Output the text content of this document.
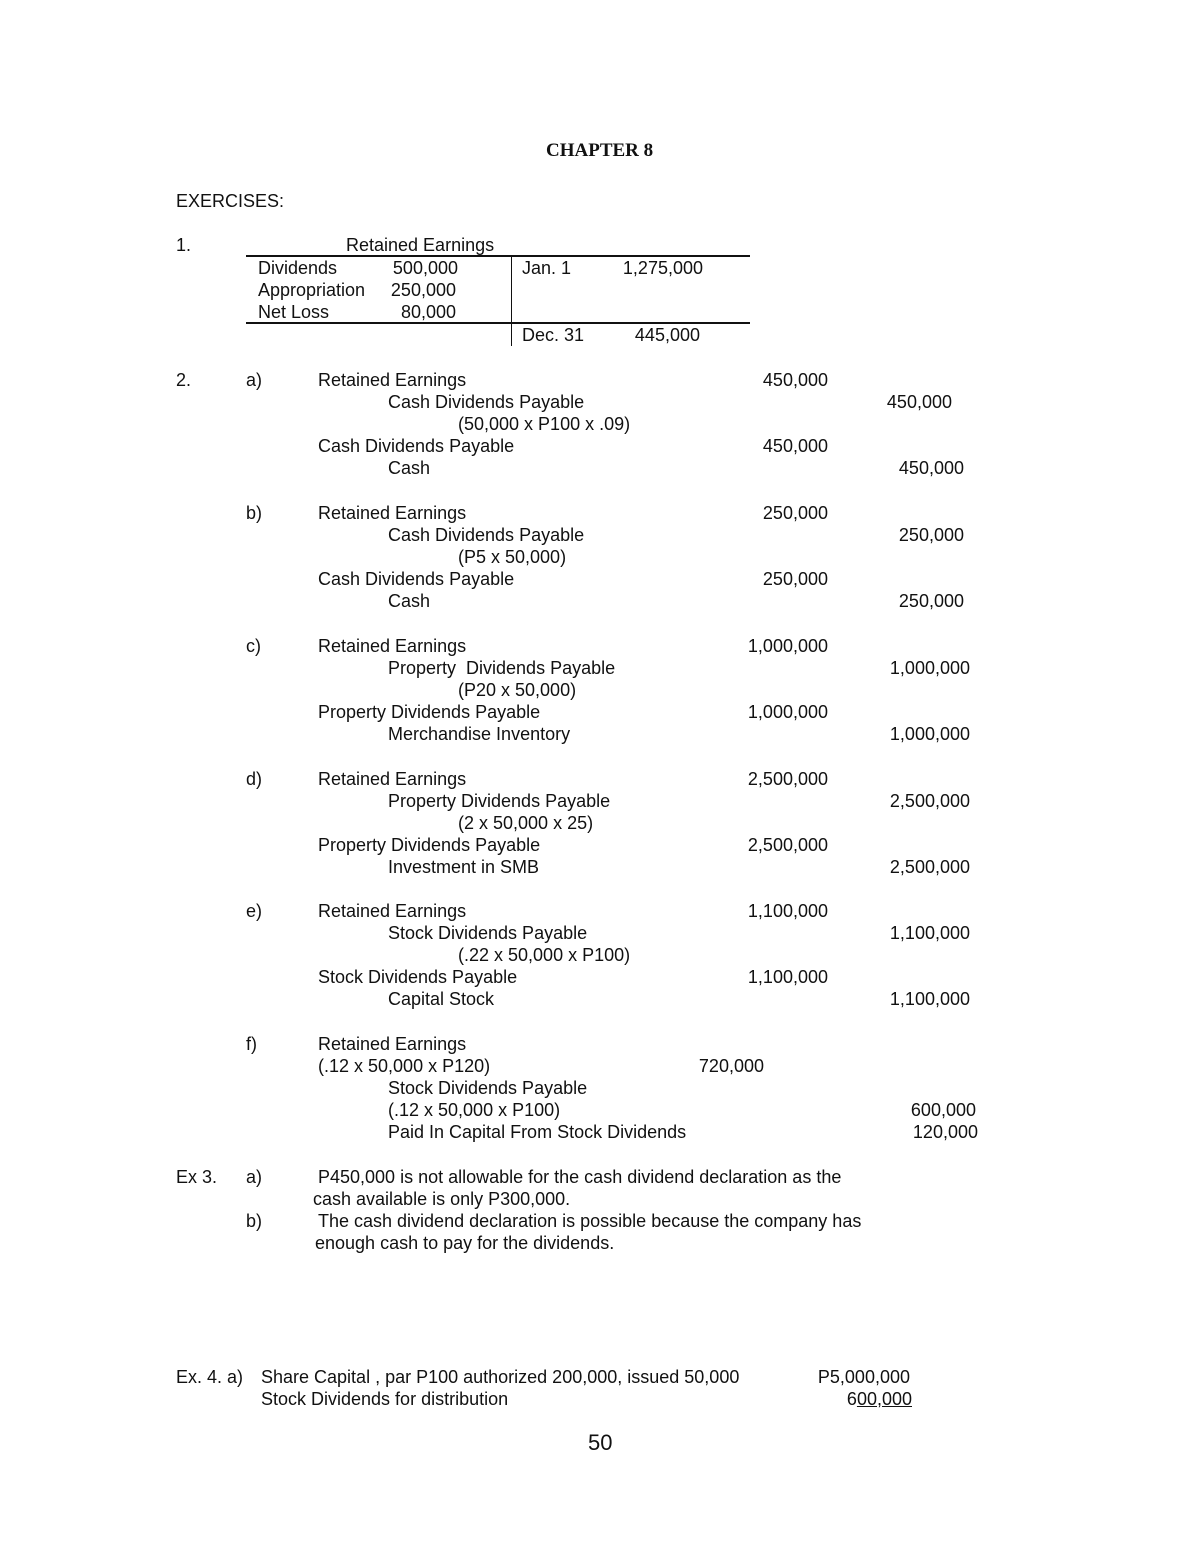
CHAPTER 8
EXERCISES:
1.	Retained Earnings
Dividends	500,000
Appropriation	250,000
Net Loss	80,000
Jan. 1	1,275,000
Dec. 31	445,000
2.	a)	Retained Earnings	450,000
Cash Dividends Payable	450,000
(50,000 x P100 x .09)
Cash Dividends Payable	450,000
Cash	450,000
b)	Retained Earnings	250,000
Cash Dividends Payable	250,000
(P5 x 50,000)
Cash Dividends Payable	250,000
Cash	250,000
c)	Retained Earnings	1,000,000
Property  Dividends Payable	1,000,000
(P20 x 50,000)
Property Dividends Payable	1,000,000
Merchandise Inventory	1,000,000
d)	Retained Earnings	2,500,000
Property Dividends Payable	2,500,000
(2 x 50,000 x 25)
Property Dividends Payable	2,500,000
Investment in SMB	2,500,000
e)	Retained Earnings	1,100,000
Stock Dividends Payable	1,100,000
(.22 x 50,000 x P100)
Stock Dividends Payable	1,100,000
Capital Stock	1,100,000
f)	Retained Earnings
(.12 x 50,000 x P120)	720,000
Stock Dividends Payable
(.12 x 50,000 x P100)	600,000
Paid In Capital From Stock Dividends	120,000
Ex 3. a)	P450,000 is not allowable for the cash dividend declaration as the
cash available is only P300,000.
b)	The cash dividend declaration is possible because the company has
enough cash to pay for the dividends.
Ex. 4. a) Share Capital , par P100 authorized 200,000, issued 50,000	P5,000,000
Stock Dividends for distribution	600,000
50
